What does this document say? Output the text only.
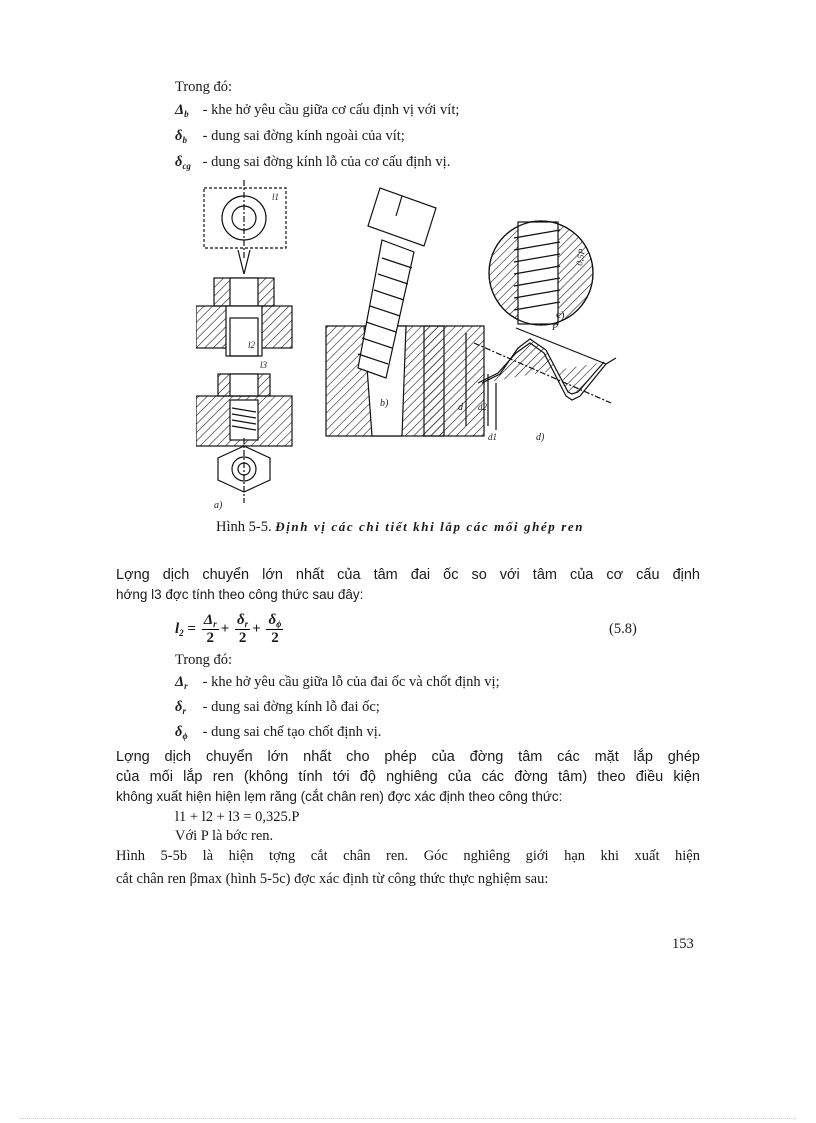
Trong đó:
$\Delta_b$ - khe hở yêu cầu giữa cơ cấu định vị với vít;
$\delta_b$ - dung sai đờng kính ngoài của vít;
$\delta_{cg}$ - dung sai đờng kính lỗ của cơ cấu định vị.
a)
l1
l2
l3
b)
c)
0,5P
P
d d2
d1	d)
Hình 5-5. Định vị các chi tiết khi lắp các mối ghép ren
Lợng dịch chuyển lớn nhất của tâm đai ốc so với tâm của cơ cấu định
hớng l3 đợc tính theo công thức sau đây:
$l_2 = \frac{\Delta_r}{2} + \frac{\delta_r}{2} + \frac{\delta_\phi}{2}$	(5.8)
Trong đó:
$\Delta_r$ - khe hở yêu cầu giữa lỗ của đai ốc và chốt định vị;
$\delta_r$ - dung sai đờng kính lỗ đai ốc;
$\delta_\phi$ - dung sai chế tạo chốt định vị.
Lợng dịch chuyển lớn nhất cho phép của đờng tâm các mặt lắp ghép
của mối lắp ren (không tính tới độ nghiêng của các đờng tâm) theo điều kiện
không xuất hiện hiện lẹm răng (cắt chân ren) đợc xác định theo công thức:
l1 + l2 + l3 = 0,325.P
Với P là bớc ren.
Hình 5-5b là hiện tợng cắt chân ren. Góc nghiêng giới hạn khi xuất hiện
cắt chân ren βmax (hình 5-5c) đợc xác định từ công thức thực nghiệm sau:
153
